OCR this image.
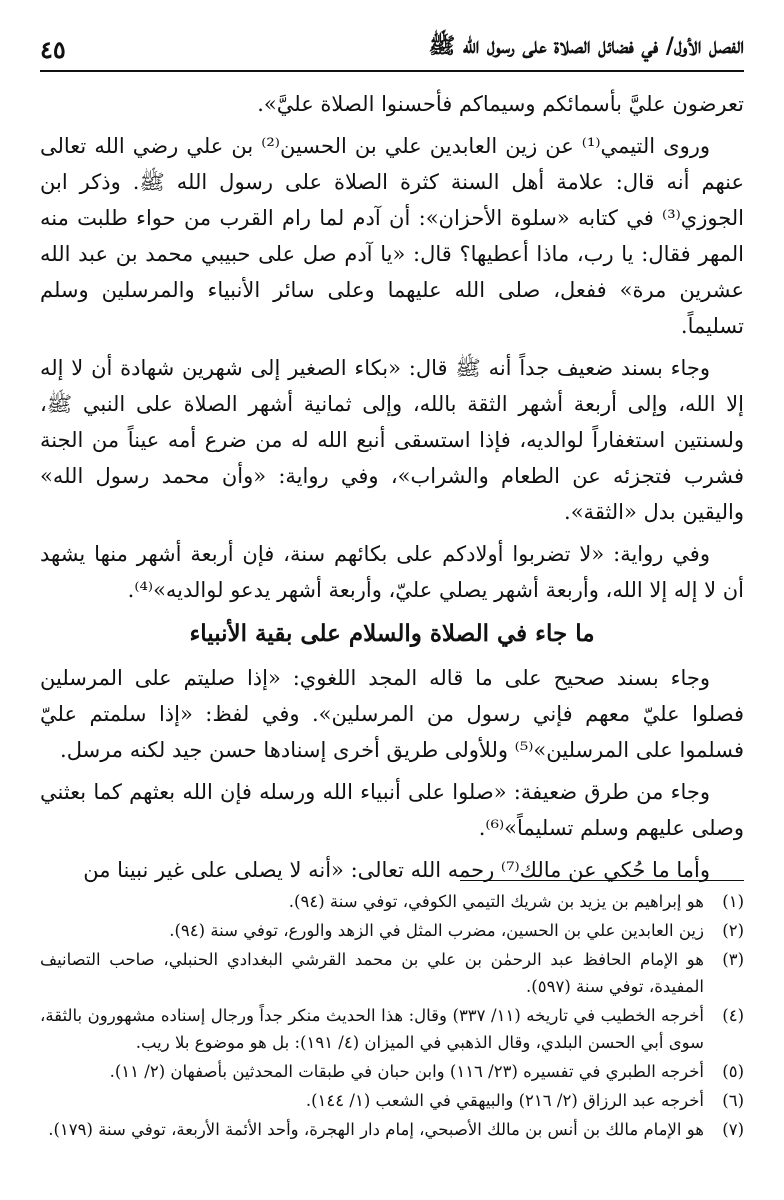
٤٥	الفصل الأول/ في فضائل الصلاة على رسول الله ﷺ

تعرضون عليَّ بأسمائكم وسيماكم فأحسنوا الصلاة عليَّ».

وروى التيمي⁽¹⁾ عن زين العابدين علي بن الحسين⁽²⁾ بن علي رضي الله تعالى عنهم أنه قال: علامة أهل السنة كثرة الصلاة على رسول الله ﷺ. وذكر ابن الجوزي⁽³⁾ في كتابه «سلوة الأحزان»: أن آدم لما رام القرب من حواء طلبت منه المهر فقال: يا رب، ماذا أعطيها؟ قال: «يا آدم صل على حبيبي محمد بن عبد الله عشرين مرة» ففعل، صلى الله عليهما وعلى سائر الأنبياء والمرسلين وسلم تسليماً.

وجاء بسند ضعيف جداً أنه ﷺ قال: «بكاء الصغير إلى شهرين شهادة أن لا إله إلا الله، وإلى أربعة أشهر الثقة بالله، وإلى ثمانية أشهر الصلاة على النبي ﷺ، ولسنتين استغفاراً لوالديه، فإذا استسقى أنبع الله له من ضرع أمه عيناً من الجنة فشرب فتجزئه عن الطعام والشراب»، وفي رواية: «وأن محمد رسول الله» واليقين بدل «الثقة».

وفي رواية: «لا تضربوا أولادكم على بكائهم سنة، فإن أربعة أشهر منها يشهد أن لا إله إلا الله، وأربعة أشهر يصلي عليّ، وأربعة أشهر يدعو لوالديه»⁽⁴⁾.

ما جاء في الصلاة والسلام على بقية الأنبياء

وجاء بسند صحيح على ما قاله المجد اللغوي: «إذا صليتم على المرسلين فصلوا عليّ معهم فإني رسول من المرسلين». وفي لفظ: «إذا سلمتم عليّ فسلموا على المرسلين»⁽⁵⁾ وللأولى طريق أخرى إسنادها حسن جيد لكنه مرسل.

وجاء من طرق ضعيفة: «صلوا على أنبياء الله ورسله فإن الله بعثهم كما بعثني وصلى عليهم وسلم تسليماً»⁽⁶⁾.

وأما ما حُكي عن مالك⁽⁷⁾ رحمه الله تعالى: «أنه لا يصلى على غير نبينا من

(١)
هو إبراهيم بن يزيد بن شريك التيمي الكوفي، توفي سنة (٩٤).
(٢)
زين العابدين علي بن الحسين، مضرب المثل في الزهد والورع، توفي سنة (٩٤).
(٣)
هو الإمام الحافظ عبد الرحمٰن بن علي بن محمد القرشي البغدادي الحنبلي، صاحب التصانيف المفيدة، توفي سنة (٥٩٧).
(٤)
أخرجه الخطيب في تاريخه (١١/ ٣٣٧) وقال: هذا الحديث منكر جداً ورجال إسناده مشهورون بالثقة، سوى أبي الحسن البلدي، وقال الذهبي في الميزان (٤/ ١٩١): بل هو موضوع بلا ريب.
(٥)
أخرجه الطبري في تفسيره (٢٣/ ١١٦) وابن حبان في طبقات المحدثين بأصفهان (٢/ ١١).
(٦)
أخرجه عبد الرزاق (٢/ ٢١٦) والبيهقي في الشعب (١/ ١٤٤).
(٧)
هو الإمام مالك بن أنس بن مالك الأصبحي، إمام دار الهجرة، وأحد الأئمة الأربعة، توفي سنة (١٧٩).
